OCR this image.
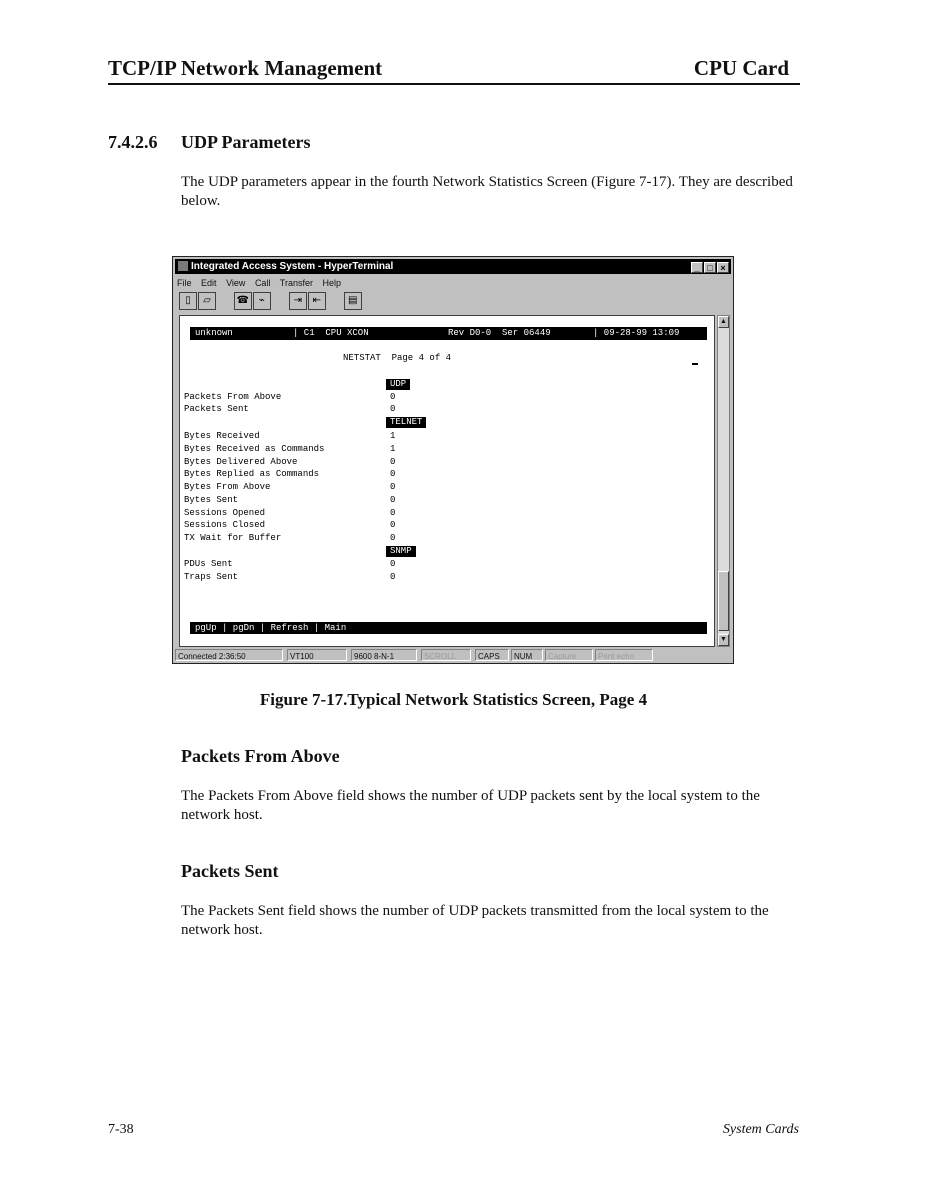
TCP/IP Network Management	CPU Card
7.4.2.6 UDP Parameters
The UDP parameters appear in the fourth Network Statistics Screen (Figure 7-17). They are described below.
Integrated Access System - HyperTerminal	_ □ ×
File Edit View Call Transfer Help
▯ ▱	☎ ⌁	⇥ ⇤	▤

unknown

	| C1  CPU XCON

	Rev D0-0  Ser 06449

	| 09-28-99 13:09

NETSTAT  Page 4 of 4
UDP
Packets From Above	0
Packets Sent	0
TELNET
Bytes Received	1
Bytes Received as Commands	1
Bytes Delivered Above	0
Bytes Replied as Commands	0
Bytes From Above	0
Bytes Sent	0
Sessions Opened	0
Sessions Closed	0
TX Wait for Buffer	0
SNMP
PDUs Sent	0
Traps Sent	0
pgUp | pgDn | Refresh | Main
▲
▼
Connected 2:36:50	VT100	9600 8-N-1	SCROLL	CAPS	NUM	Capture	Print echo
Figure 7-17.Typical Network Statistics Screen, Page 4
Packets From Above
The Packets From Above field shows the number of UDP packets sent by the local system to the network host.
Packets Sent
The Packets Sent field shows the number of UDP packets transmitted from the local system to the network host.
7-38	System Cards
